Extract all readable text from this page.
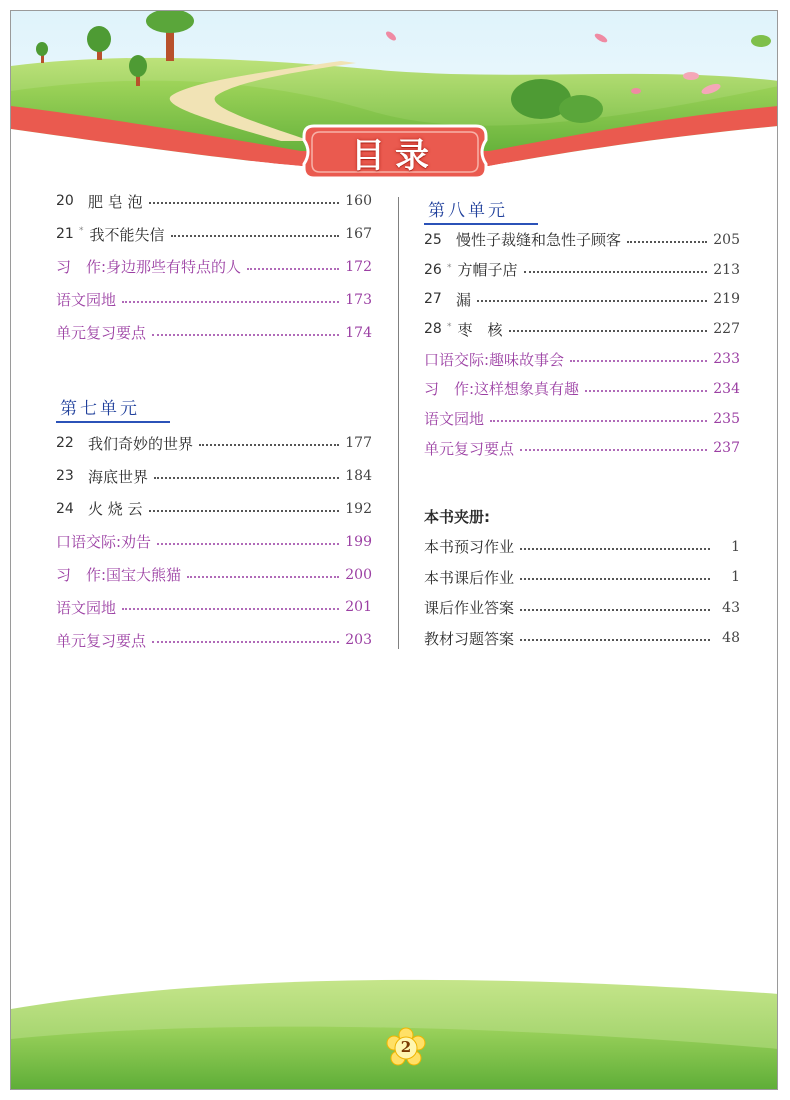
目录
20 肥 皂 泡	160
21 * 我不能失信	167
习　作:身边那些有特点的人	172
语文园地	173
单元复习要点	174
第七单元
22 我们奇妙的世界	177
23 海底世界	184
24 火 烧 云	192
口语交际:劝告	199
习　作:国宝大熊猫	200
语文园地	201
单元复习要点	203
第八单元
25 慢性子裁缝和急性子顾客	205
26 * 方帽子店	213
27 漏	219
28 * 枣　核	227
口语交际:趣味故事会	233
习　作:这样想象真有趣	234
语文园地	235
单元复习要点	237
本书夹册:
本书预习作业	1
本书课后作业	1
课后作业答案	43
教材习题答案	48
2
